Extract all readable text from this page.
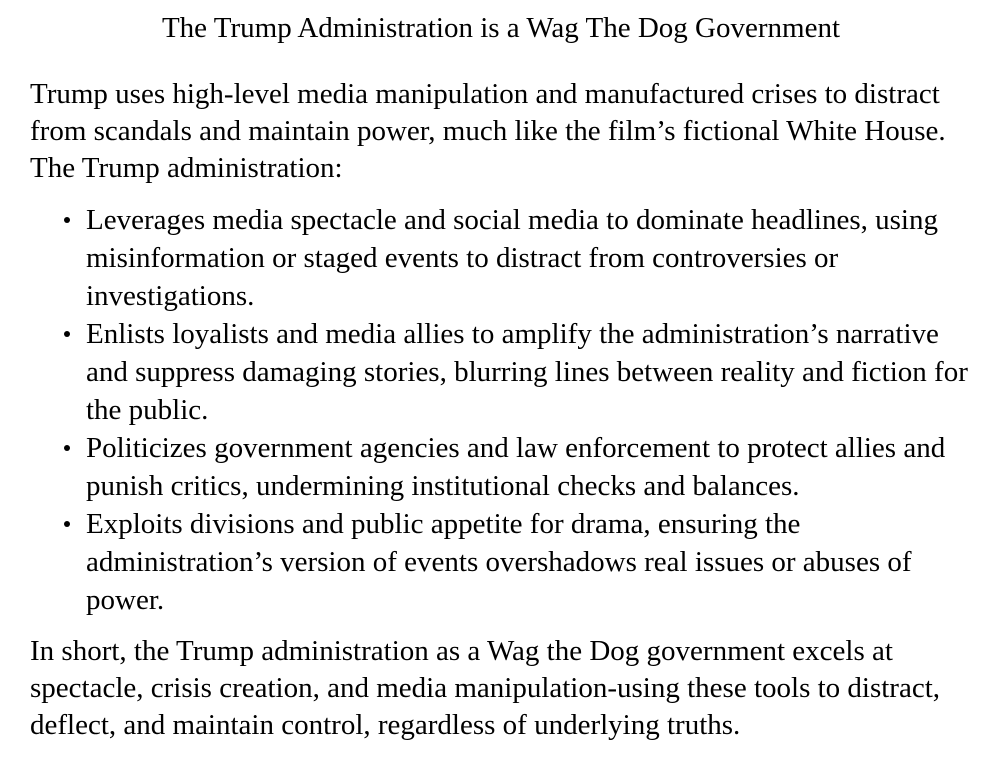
The Trump Administration is a Wag The Dog Government

Trump uses high-level media manipulation and manufactured crises to distract from scandals and maintain power, much like the film’s fictional White House. The Trump administration:

Leverages media spectacle and social media to dominate headlines, using misinformation or staged events to distract from controversies or investigations.
Enlists loyalists and media allies to amplify the administration’s narrative and suppress damaging stories, blurring lines between reality and fiction for the public.
Politicizes government agencies and law enforcement to protect allies and punish critics, undermining institutional checks and balances.
Exploits divisions and public appetite for drama, ensuring the administration’s version of events overshadows real issues or abuses of power.

In short, the Trump administration as a Wag the Dog government excels at spectacle, crisis creation, and media manipulation-using these tools to distract, deflect, and maintain control, regardless of underlying truths.
